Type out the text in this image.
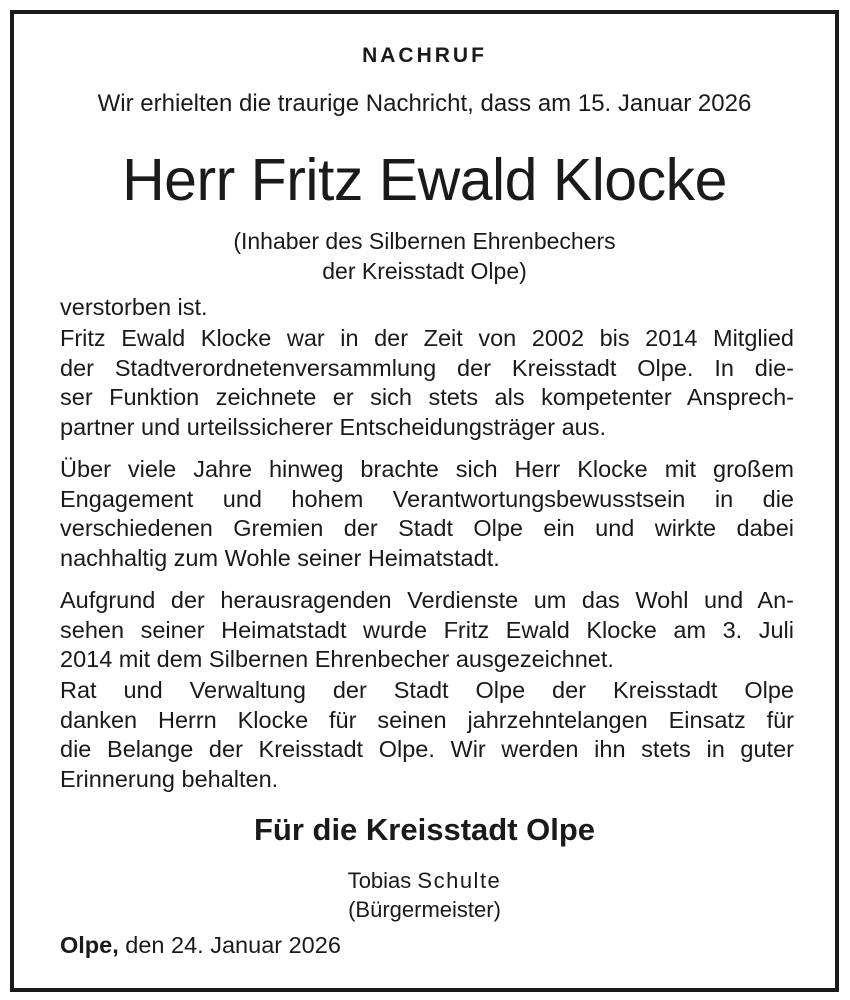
NACHRUF
Wir erhielten die traurige Nachricht, dass am 15. Januar 2026
Herr Fritz Ewald Klocke
(Inhaber des Silbernen Ehrenbechers
der Kreisstadt Olpe)
verstorben ist.
Fritz Ewald Klocke war in der Zeit von 2002 bis 2014 Mitglied
der Stadtverordnetenversammlung der Kreisstadt Olpe. In die-
ser Funktion zeichnete er sich stets als kompetenter Ansprech-
partner und urteilssicherer Entscheidungsträger aus.
Über viele Jahre hinweg brachte sich Herr Klocke mit großem
Engagement und hohem Verantwortungsbewusstsein in die
verschiedenen Gremien der Stadt Olpe ein und wirkte dabei
nachhaltig zum Wohle seiner Heimatstadt.
Aufgrund der herausragenden Verdienste um das Wohl und An-
sehen seiner Heimatstadt wurde Fritz Ewald Klocke am 3. Juli
2014 mit dem Silbernen Ehrenbecher ausgezeichnet.
Rat und Verwaltung der Stadt Olpe der Kreisstadt Olpe
danken Herrn Klocke für seinen jahrzehntelangen Einsatz für
die Belange der Kreisstadt Olpe. Wir werden ihn stets in guter
Erinnerung behalten.
Für die Kreisstadt Olpe
Tobias Schulte
(Bürgermeister)
Olpe, den 24. Januar 2026
